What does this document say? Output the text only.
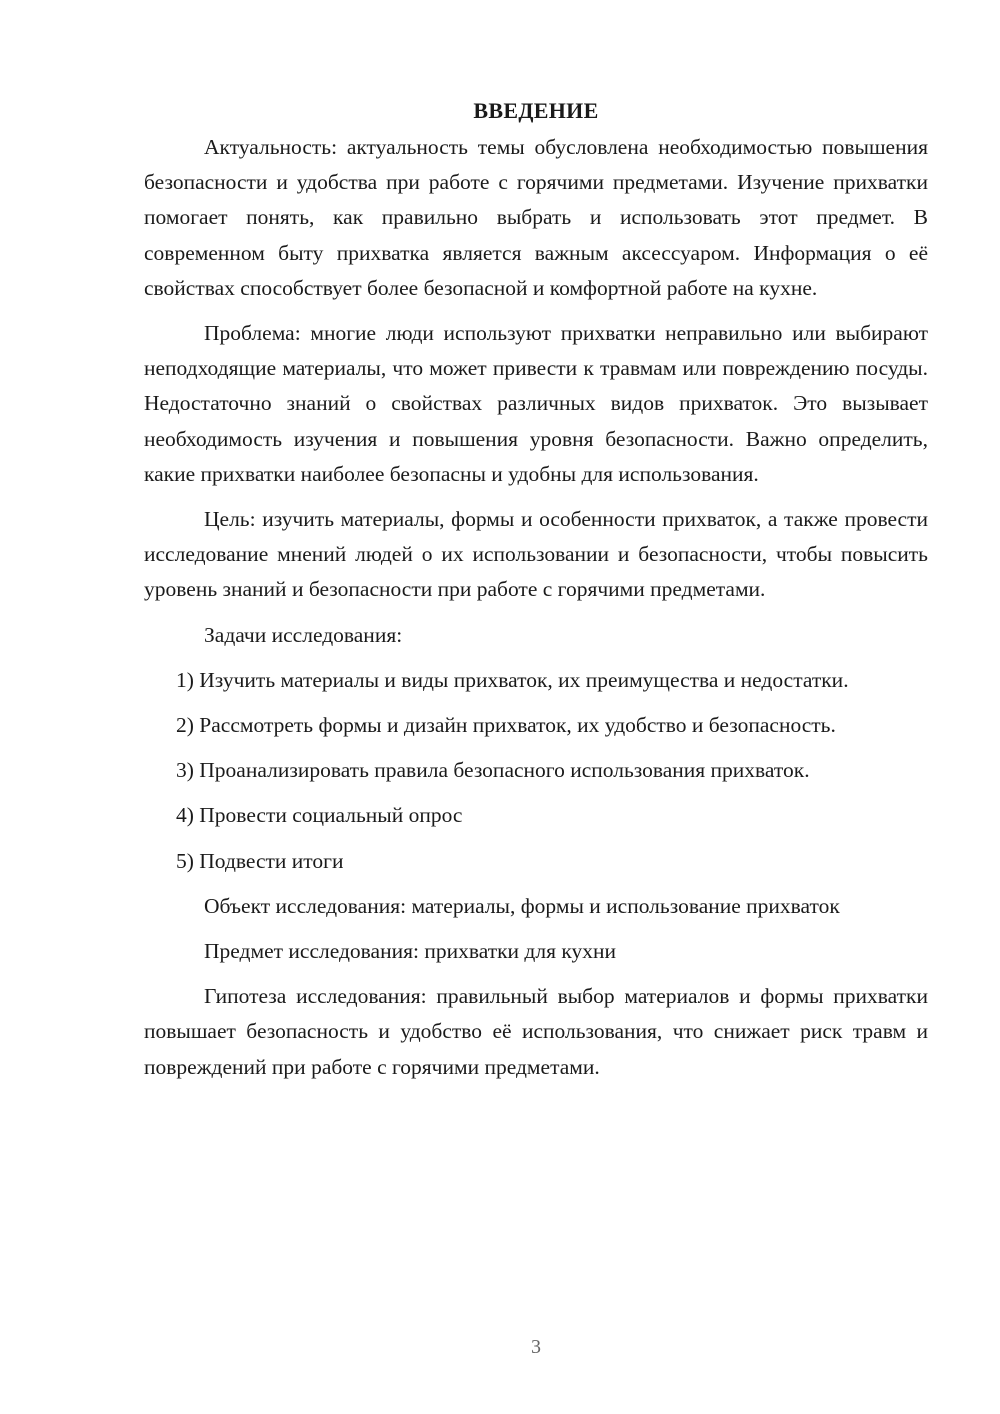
ВВЕДЕНИЕ

Актуальность: актуальность темы обусловлена необходимостью повышения безопасности и удобства при работе с горячими предметами. Изучение прихватки помогает понять, как правильно выбрать и использовать этот предмет. В современном быту прихватка является важным аксессуаром. Информация о её свойствах способствует более безопасной и комфортной работе на кухне.

Проблема: многие люди используют прихватки неправильно или выбирают неподходящие материалы, что может привести к травмам или повреждению посуды. Недостаточно знаний о свойствах различных видов прихваток. Это вызывает необходимость изучения и повышения уровня безопасности. Важно определить, какие прихватки наиболее безопасны и удобны для использования.

Цель: изучить материалы, формы и особенности прихваток, а также провести исследование мнений людей о их использовании и безопасности, чтобы повысить уровень знаний и безопасности при работе с горячими предметами.

Задачи исследования:

1) Изучить материалы и виды прихваток, их преимущества и недостатки.

2) Рассмотреть формы и дизайн прихваток, их удобство и безопасность.

3) Проанализировать правила безопасного использования прихваток.

4) Провести социальный опрос

5) Подвести итоги

Объект исследования: материалы, формы и использование прихваток

Предмет исследования: прихватки для кухни

Гипотеза исследования: правильный выбор материалов и формы прихватки повышает безопасность и удобство её использования, что снижает риск травм и повреждений при работе с горячими предметами.

3
